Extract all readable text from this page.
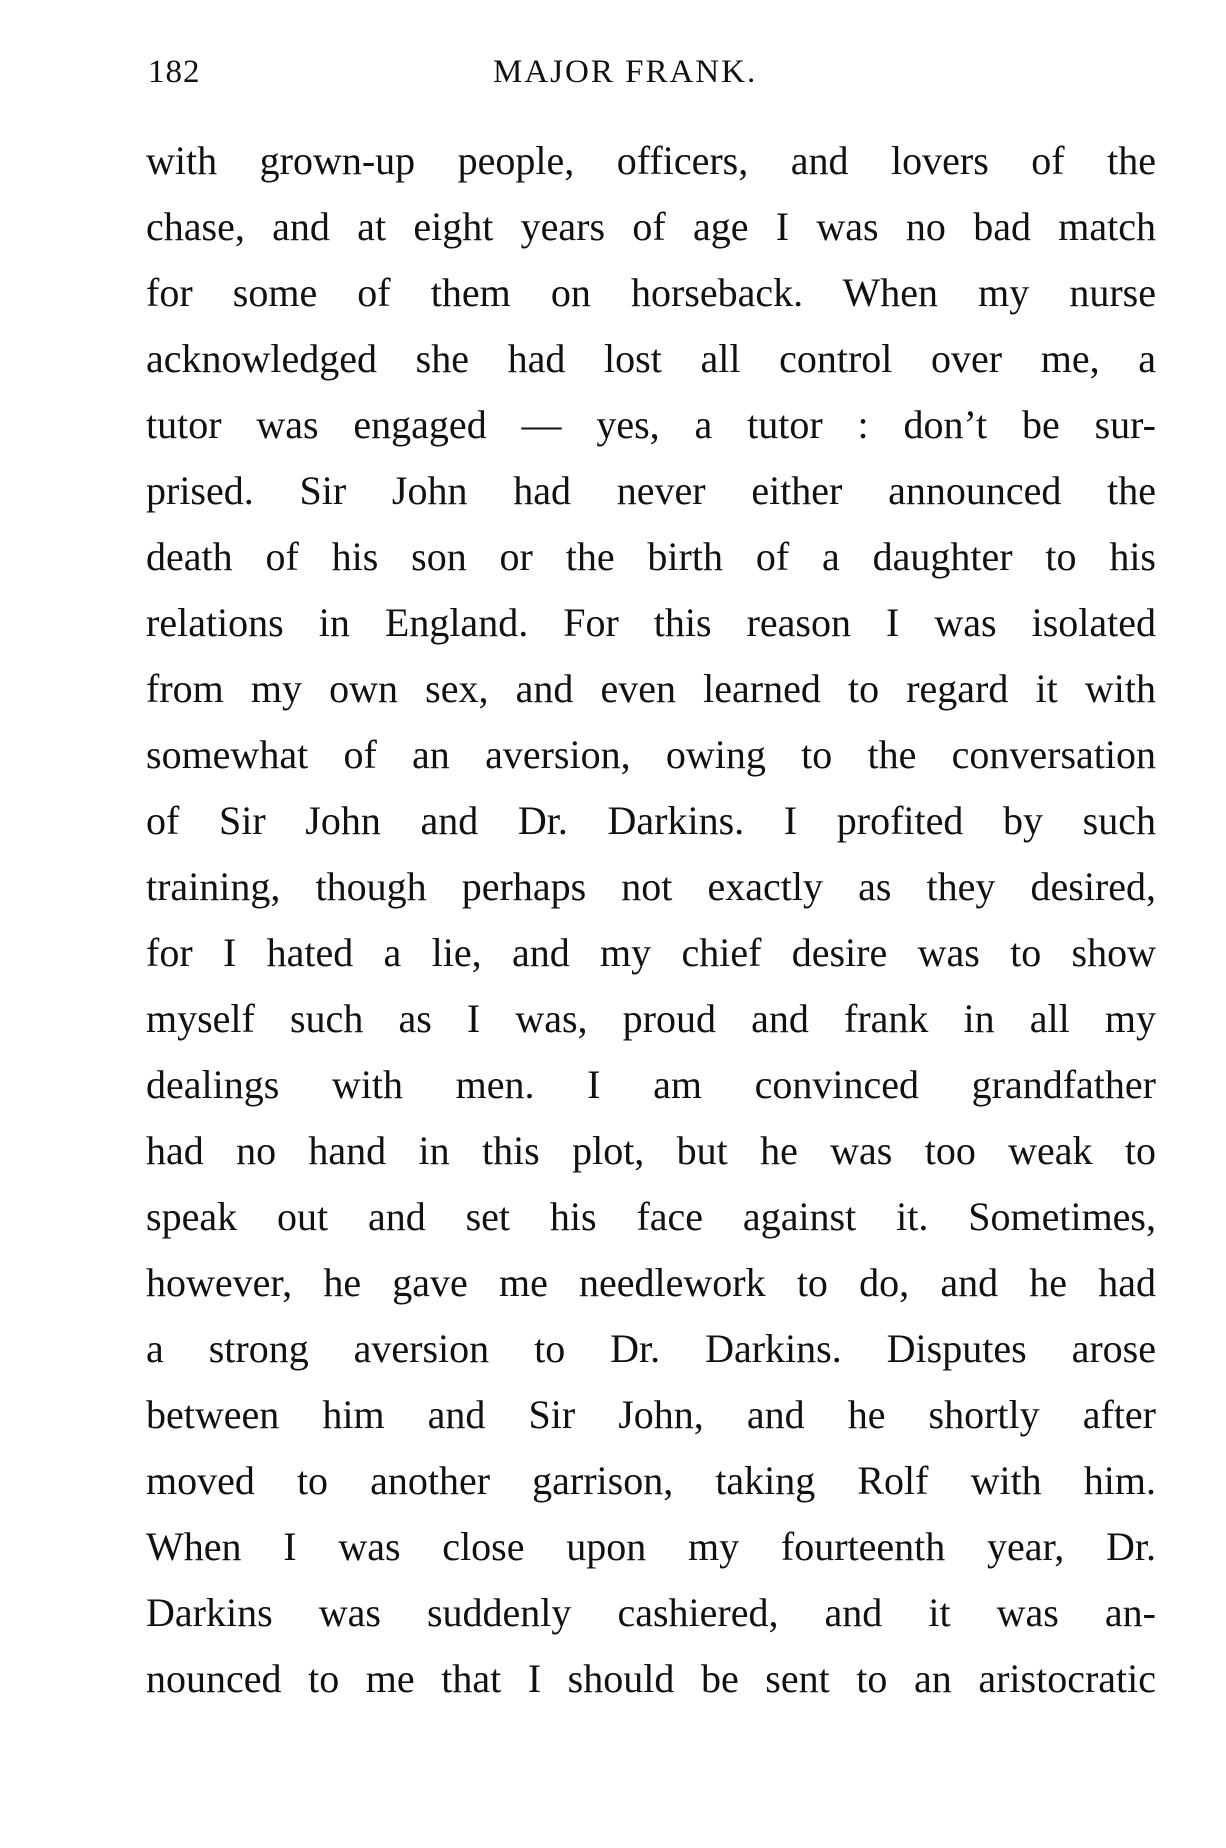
182	MAJOR FRANK.
with grown-up people, officers, and lovers of the
chase, and at eight years of age I was no bad match
for some of them on horseback. When my nurse
acknowledged she had lost all control over me, a
tutor was engaged — yes, a tutor : don’t be sur-
prised. Sir John had never either announced the
death of his son or the birth of a daughter to his
relations in England. For this reason I was isolated
from my own sex, and even learned to regard it with
somewhat of an aversion, owing to the conversation
of Sir John and Dr. Darkins. I profited by such
training, though perhaps not exactly as they desired,
for I hated a lie, and my chief desire was to show
myself such as I was, proud and frank in all my
dealings with men. I am convinced grandfather
had no hand in this plot, but he was too weak to
speak out and set his face against it. Sometimes,
however, he gave me needlework to do, and he had
a strong aversion to Dr. Darkins. Disputes arose
between him and Sir John, and he shortly after
moved to another garrison, taking Rolf with him.
When I was close upon my fourteenth year, Dr.
Darkins was suddenly cashiered, and it was an-
nounced to me that I should be sent to an aristocratic
